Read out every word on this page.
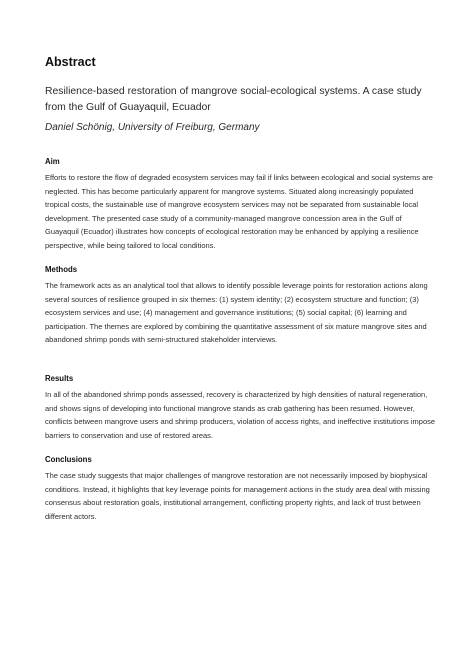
Abstract
Resilience-based restoration of mangrove social-ecological systems. A case study from the Gulf of Guayaquil, Ecuador
Daniel Schönig, University of Freiburg, Germany
Aim

Efforts to restore the flow of degraded ecosystem services may fail if links between ecological and social systems are neglected. This has become particularly apparent for mangrove systems. Situated along increasingly populated tropical costs, the sustainable use of mangrove ecosystem services may not be separated from sustainable local development. The presented case study of a community-managed mangrove concession area in the Gulf of Guayaquil (Ecuador) illustrates how concepts of ecological restoration may be enhanced by applying a resilience perspective, while being tailored to local conditions.

Methods

The framework acts as an analytical tool that allows to identify possible leverage points for restoration actions along several sources of resilience grouped in six themes: (1) system identity; (2) ecosystem structure and function; (3) ecosystem services and use; (4) management and governance institutions; (5) social capital; (6) learning and participation. The themes are explored by combining the quantitative assessment of six mature mangrove sites and abandoned shrimp ponds with semi-structured stakeholder interviews.

Results

In all of the abandoned shrimp ponds assessed, recovery is characterized by high densities of natural regeneration, and shows signs of developing into functional mangrove stands as crab gathering has been resumed. However, conflicts between mangrove users and shrimp producers, violation of access rights, and ineffective institutions impose barriers to conservation and use of restored areas.

Conclusions

The case study suggests that major challenges of mangrove restoration are not necessarily imposed by biophysical conditions. Instead, it highlights that key leverage points for management actions in the study area deal with missing consensus about restoration goals, institutional arrangement, conflicting property rights, and lack of trust between different actors.
